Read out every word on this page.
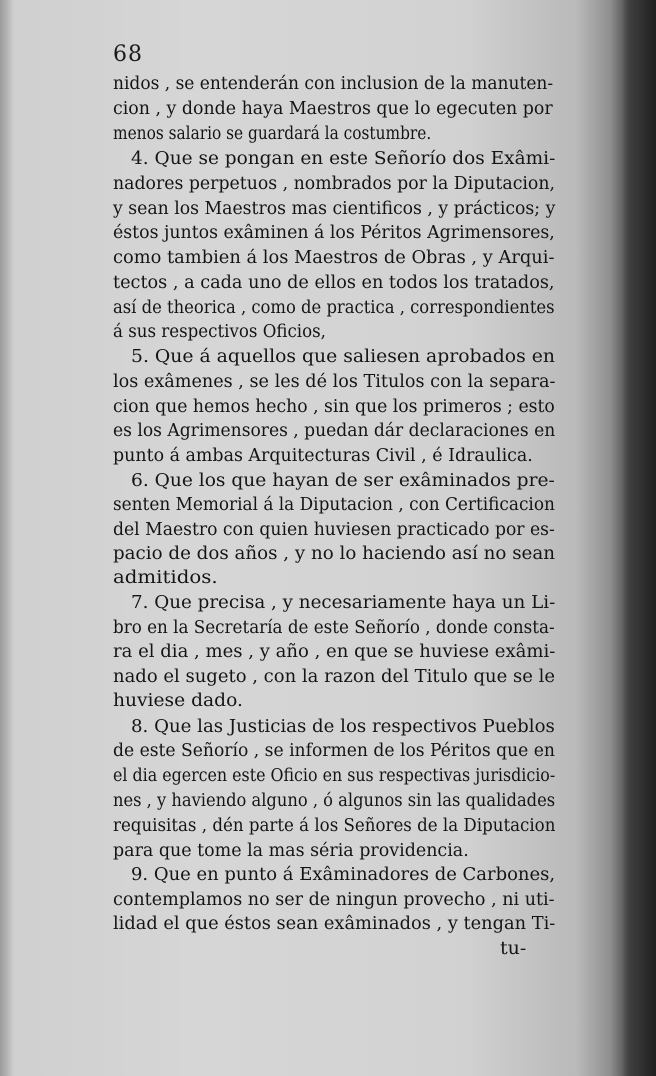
68
nidos , se entenderán con inclusion de la manuten-
cion , y donde haya Maestros que lo egecuten por
menos salario se guardará la costumbre.
4. Que se pongan en este Señorío dos Exâmi-
nadores perpetuos , nombrados por la Diputacion,
y sean los Maestros mas cientificos , y prácticos; y
éstos juntos exâminen á los Péritos Agrimensores,
como tambien á los Maestros de Obras , y Arqui-
tectos , a cada uno de ellos en todos los tratados,
así de theorica , como de practica , correspondientes
á sus respectivos Oficios,
5. Que á aquellos que saliesen aprobados en
los exâmenes , se les dé los Titulos con la separa-
cion que hemos hecho , sin que los primeros ; esto
es los Agrimensores , puedan dár declaraciones en
punto á ambas Arquitecturas Civil , é Idraulica.
6. Que los que hayan de ser exâminados pre-
senten Memorial á la Diputacion , con Certificacion
del Maestro con quien huviesen practicado por es-
pacio de dos años , y no lo haciendo así no sean
admitidos.
7. Que precisa , y necesariamente haya un Li-
bro en la Secretaría de este Señorío , donde consta-
ra el dia , mes , y año , en que se huviese exâmi-
nado el sugeto , con la razon del Titulo que se le
huviese dado.
8. Que las Justicias de los respectivos Pueblos
de este Señorío , se informen de los Péritos que en
el dia egercen este Oficio en sus respectivas jurisdicio-
nes , y haviendo alguno , ó algunos sin las qualidades
requisitas , dén parte á los Señores de la Diputacion
para que tome la mas séria providencia.
9. Que en punto á Exâminadores de Carbones,
contemplamos no ser de ningun provecho , ni uti-
lidad el que éstos sean exâminados , y tengan Ti-
tu-
